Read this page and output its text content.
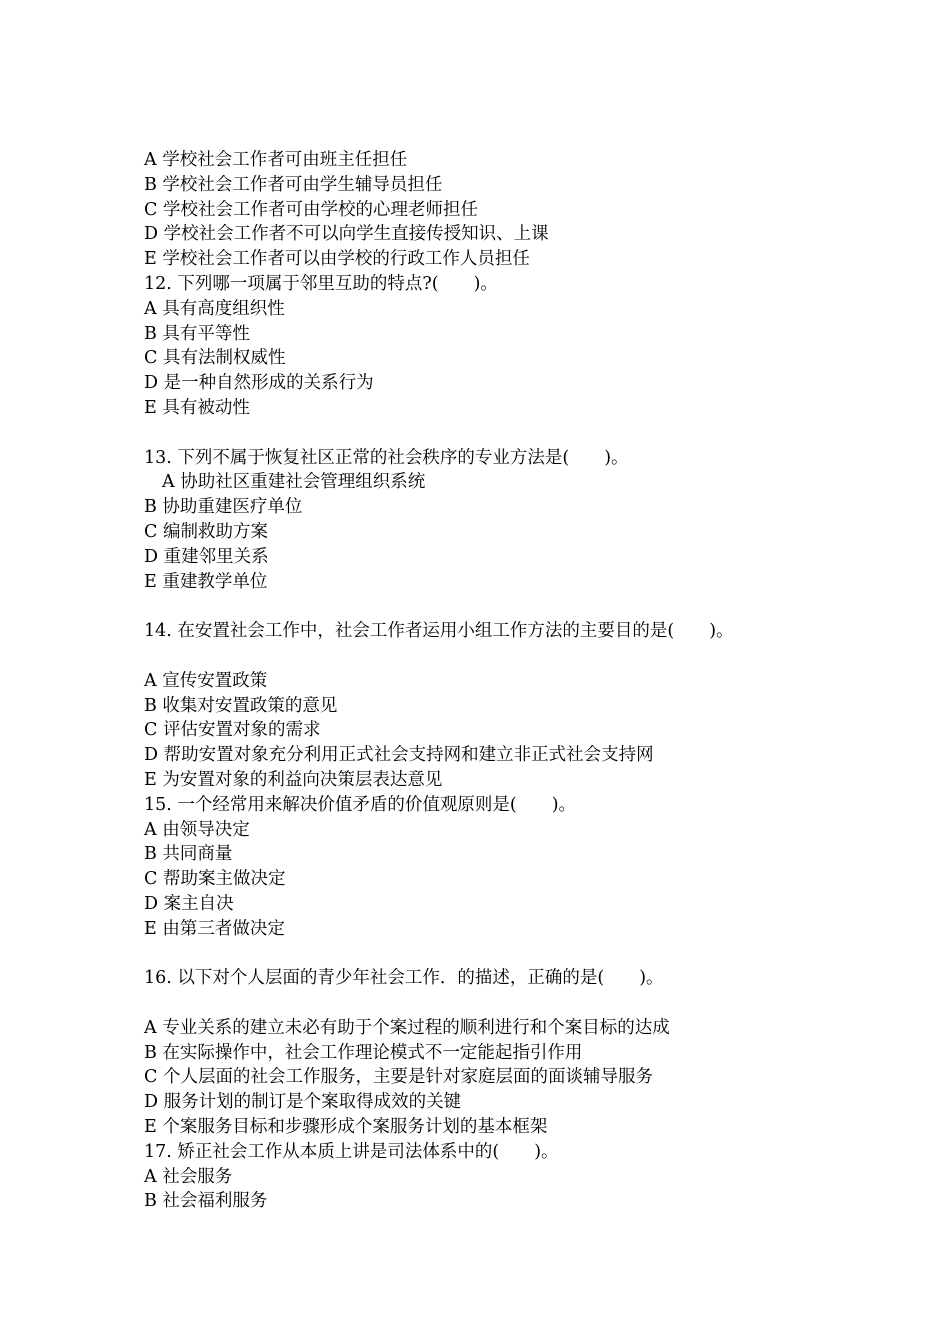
A 学校社会工作者可由班主任担任
B 学校社会工作者可由学生辅导员担任
C 学校社会工作者可由学校的心理老师担任
D 学校社会工作者不可以向学生直接传授知识、上课
E 学校社会工作者可以由学校的行政工作人员担任
12. 下列哪一项属于邻里互助的特点?(　　)。
A 具有高度组织性
B 具有平等性
C 具有法制权威性
D 是一种自然形成的关系行为
E 具有被动性
13. 下列不属于恢复社区正常的社会秩序的专业方法是(　　)。
A 协助社区重建社会管理组织系统
B 协助重建医疗单位
C 编制救助方案
D 重建邻里关系
E 重建教学单位
14. 在安置社会工作中，社会工作者运用小组工作方法的主要目的是(　　)。
A 宣传安置政策
B 收集对安置政策的意见
C 评估安置对象的需求
D 帮助安置对象充分利用正式社会支持网和建立非正式社会支持网
E 为安置对象的利益向决策层表达意见
15. 一个经常用来解决价值矛盾的价值观原则是(　　)。
A 由领导决定
B 共同商量
C 帮助案主做决定
D 案主自决
E 由第三者做决定
16. 以下对个人层面的青少年社会工作．的描述，正确的是(　　)。
A 专业关系的建立未必有助于个案过程的顺利进行和个案目标的达成
B 在实际操作中，社会工作理论模式不一定能起指引作用
C 个人层面的社会工作服务，主要是针对家庭层面的面谈辅导服务
D 服务计划的制订是个案取得成效的关键
E 个案服务目标和步骤形成个案服务计划的基本框架
17. 矫正社会工作从本质上讲是司法体系中的(　　)。
A 社会服务
B 社会福利服务
